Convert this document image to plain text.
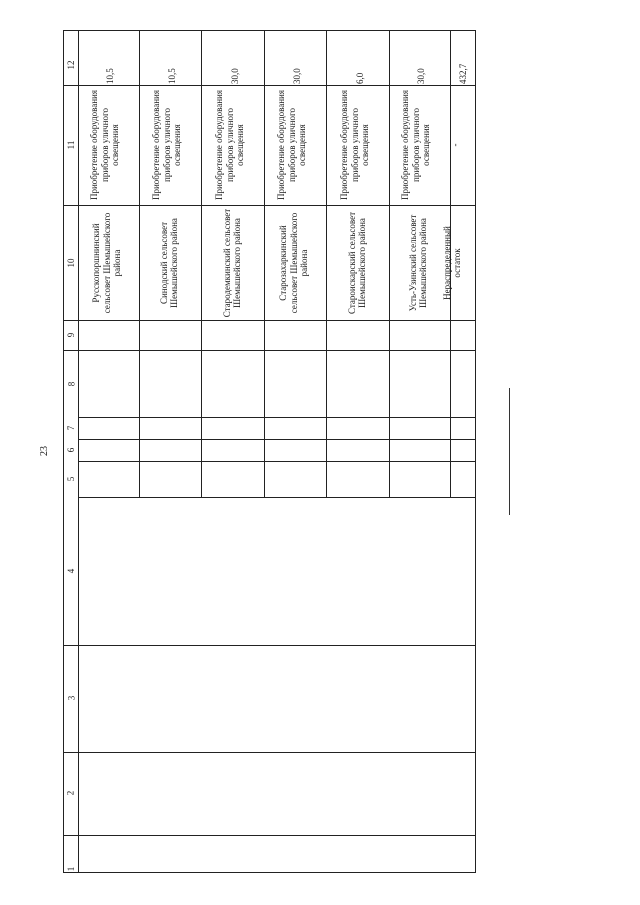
23
12
11
10
9
8
7
6
5
4
3
2
1
10,5
Приобретение оборудования приборов уличного освещения
Русскопоршнинский сельсовет Шемышейского района
10,5
Приобретение оборудования приборов уличного освещения
Синодский сельсовет Шемышейского района
30,0
Приобретение оборудования приборов уличного освещения
Стародемкинский сельсовет Шемышейского района
30,0
Приобретение оборудования приборов уличного освещения
Старозахаркинский сельсовет Шемышейского района
6,0
Приобретение оборудования приборов уличного освещения
Староискарский сельсовет Шемышейского района
30,0
Приобретение оборудования приборов уличного освещения
Усть-Узинский сельсовет Шемышейского района
432,7
-
Нераспределенный остаток
